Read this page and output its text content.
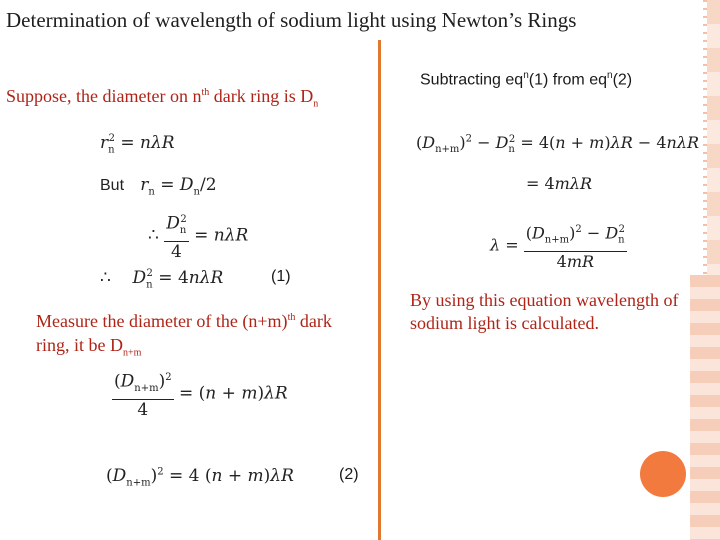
Determination of wavelength of sodium light using Newton’s Rings
Suppose, the diameter on $n^{th}$ dark ring is $D_n$
$r_n^2 = n\lambda R$
But $r_n = D_n/2$
∴ $\frac{D_n^2}{4} = n\lambda R$
∴    $D_n^2 = 4n\lambda R$	(1)
Measure the diameter of the $(n+m)^{th}$ dark
ring, it be $D_{n+m}$
$\frac{(D_{n+m})^2}{4} = (n + m)\lambda R$
$(D_{n+m})^2 = 4$ (n + m)λR	(2)
Subtracting $eq^n(1)$ from $eq^n(2)$
$(D_{n+m})^2 - D_n^2 = 4(n + m)\lambda R - 4n\lambda R$
= 4mλR
$\lambda = \frac{(D_{n+m})^2 - D_n^2}{4mR}$
By using this equation wavelength of sodium light is calculated.
